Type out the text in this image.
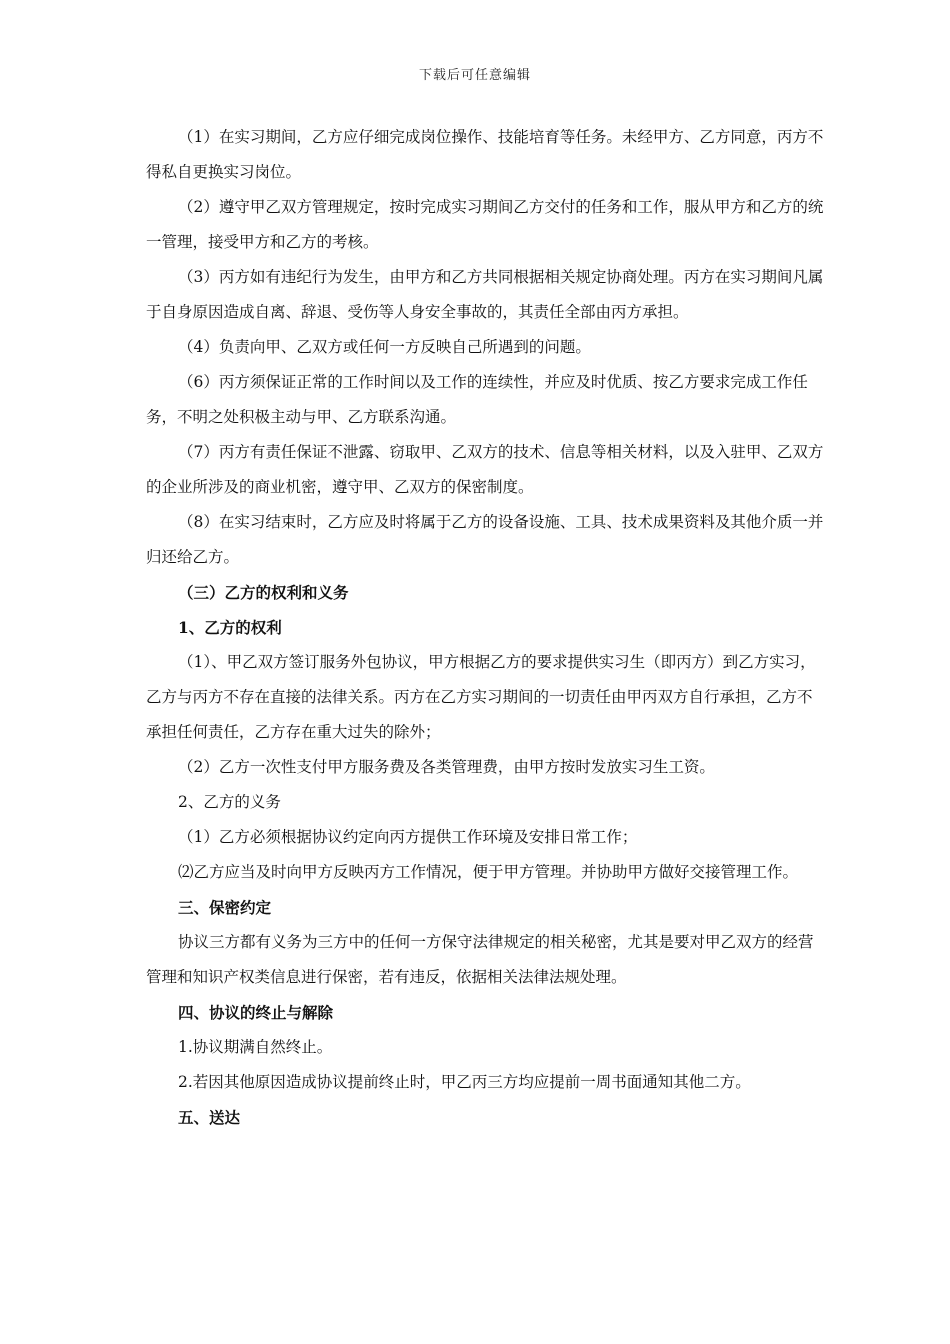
下载后可任意编辑

（1）在实习期间，乙方应仔细完成岗位操作、技能培育等任务。未经甲方、乙方同意，丙方不得私自更换实习岗位。

（2）遵守甲乙双方管理规定，按时完成实习期间乙方交付的任务和工作，服从甲方和乙方的统一管理，接受甲方和乙方的考核。

（3）丙方如有违纪行为发生，由甲方和乙方共同根据相关规定协商处理。丙方在实习期间凡属于自身原因造成自离、辞退、受伤等人身安全事故的，其责任全部由丙方承担。

（4）负责向甲、乙双方或任何一方反映自己所遇到的问题。

（6）丙方须保证正常的工作时间以及工作的连续性，并应及时优质、按乙方要求完成工作任务，不明之处积极主动与甲、乙方联系沟通。

（7）丙方有责任保证不泄露、窃取甲、乙双方的技术、信息等相关材料，以及入驻甲、乙双方的企业所涉及的商业机密，遵守甲、乙双方的保密制度。

（8）在实习结束时，乙方应及时将属于乙方的设备设施、工具、技术成果资料及其他介质一并归还给乙方。

（三）乙方的权利和义务

1、乙方的权利

（1）、甲乙双方签订服务外包协议，甲方根据乙方的要求提供实习生（即丙方）到乙方实习，乙方与丙方不存在直接的法律关系。丙方在乙方实习期间的一切责任由甲丙双方自行承担，乙方不承担任何责任，乙方存在重大过失的除外；

（2）乙方一次性支付甲方服务费及各类管理费，由甲方按时发放实习生工资。

2、乙方的义务

（1）乙方必须根据协议约定向丙方提供工作环境及安排日常工作；

⑵乙方应当及时向甲方反映丙方工作情况，便于甲方管理。并协助甲方做好交接管理工作。

三、保密约定

协议三方都有义务为三方中的任何一方保守法律规定的相关秘密，尤其是要对甲乙双方的经营管理和知识产权类信息进行保密，若有违反，依据相关法律法规处理。

四、协议的终止与解除

1.协议期满自然终止。

2.若因其他原因造成协议提前终止时，甲乙丙三方均应提前一周书面通知其他二方。

五、送达
